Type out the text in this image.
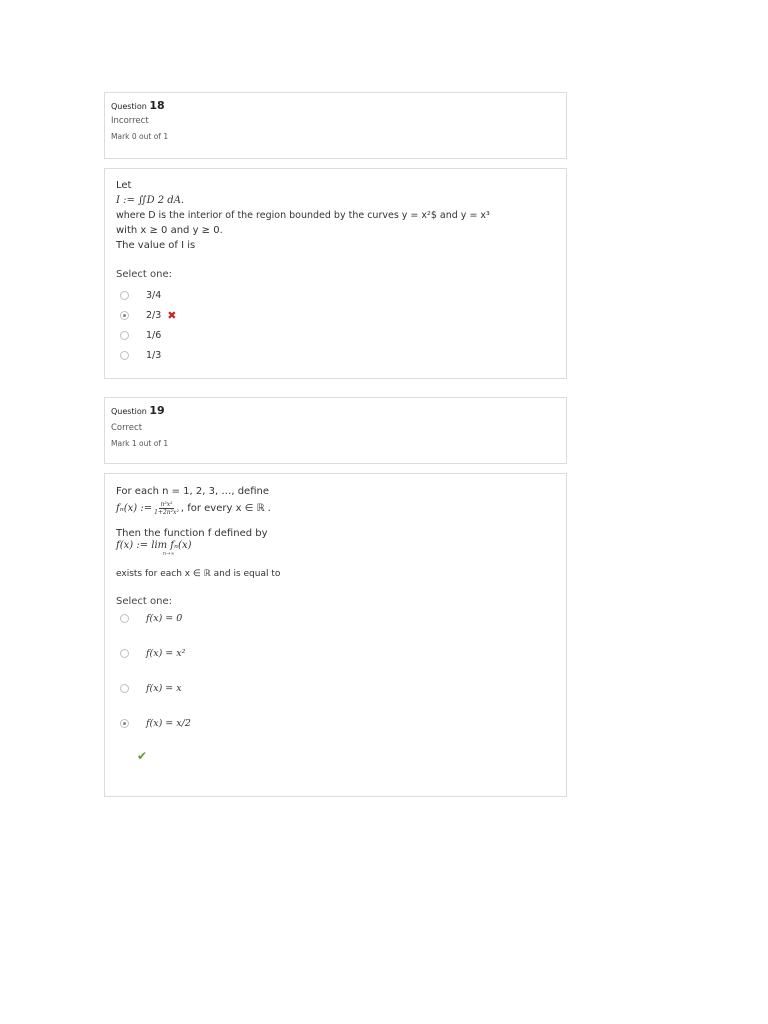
Question 18
Incorrect
Mark 0 out of 1
Let
I := ∬D 2 dA.
where D is the interior of the region bounded by the curves y = x²$ and y = x³
with x ≥ 0 and y ≥ 0.
The value of I is
Select one:
3/4
2/3 ✖
1/6
1/3
Question 19
Correct
Mark 1 out of 1
For each n = 1, 2, 3, …, define
fₙ(x) := $\frac{\text{n²x²}}{\text{1+2n²x²}}$ , for every x ∈ ℝ .
Then the function f defined by
f(x) := lim fₙ(x)
n→∞
exists for each x ∈ ℝ and is equal to
Select one:
f(x) = 0
f(x) = x²
f(x) = x
f(x) = x/2
✔
